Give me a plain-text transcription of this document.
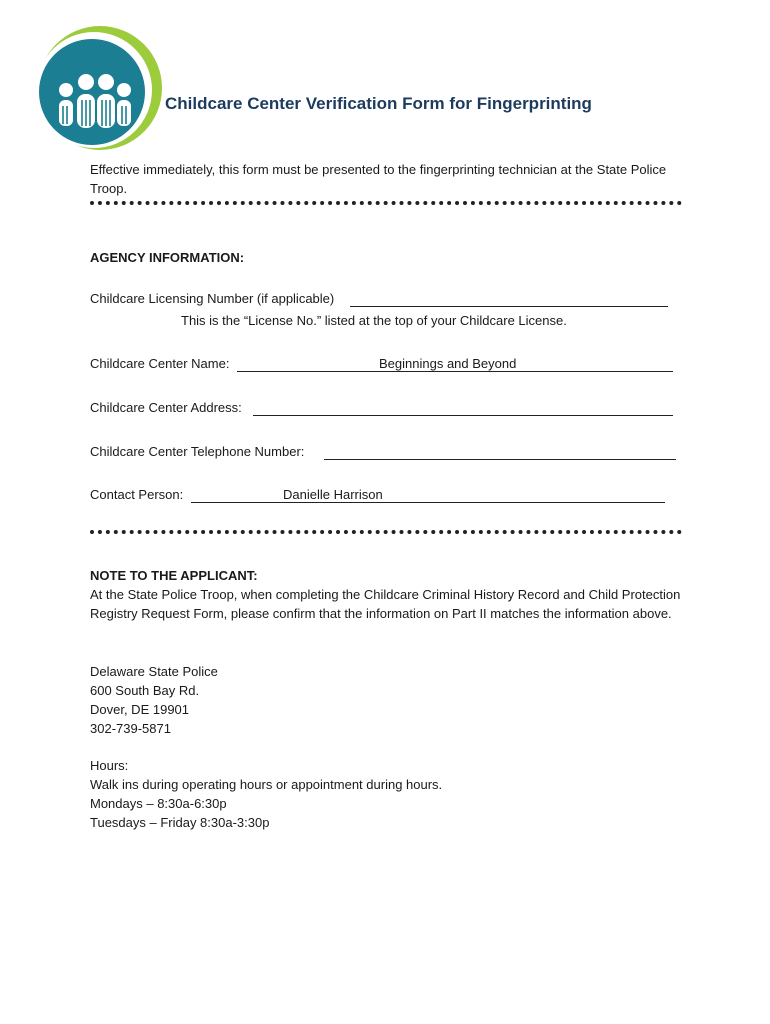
Childcare Center Verification Form for Fingerprinting
Effective immediately, this form must be presented to the fingerprinting technician at the State Police Troop.
AGENCY INFORMATION:
Childcare Licensing Number (if applicable)
This is the “License No.” listed at the top of your Childcare License.
Childcare Center Name:	Beginnings and Beyond
Childcare Center Address:
Childcare Center Telephone Number:
Contact Person:	Danielle Harrison

NOTE TO THE APPLICANT:

At the State Police Troop, when completing the Childcare Criminal History Record and Child Protection Registry Request Form, please confirm that the information on Part II matches the information above.

Delaware State Police
600 South Bay Rd.
Dover, DE 19901
302-739-5871
Hours:
Walk ins during operating hours or appointment during hours.
Mondays – 8:30a-6:30p
Tuesdays – Friday 8:30a-3:30p
